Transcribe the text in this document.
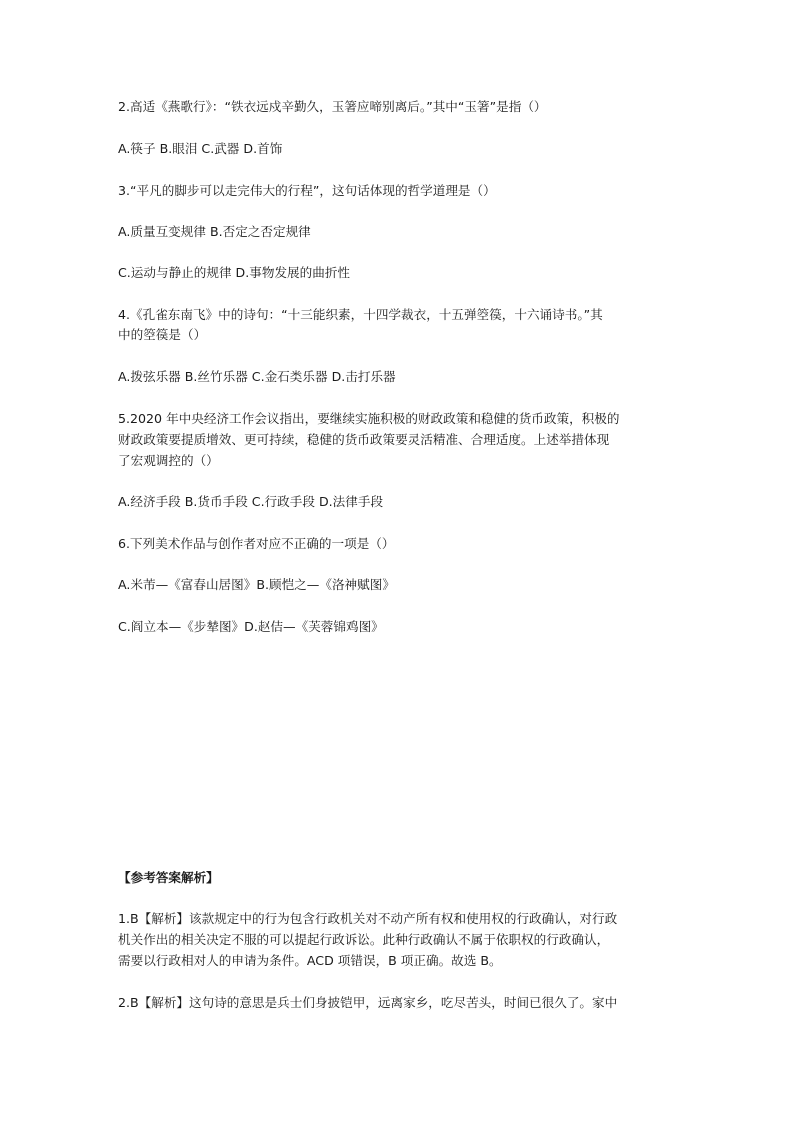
2.高适《燕歌行》：“铁衣远戍辛勤久，玉箸应啼别离后。”其中“玉箸”是指（）
A.筷子 B.眼泪 C.武器 D.首饰
3.“平凡的脚步可以走完伟大的行程”，这句话体现的哲学道理是（）
A.质量互变规律 B.否定之否定规律
C.运动与静止的规律 D.事物发展的曲折性
4.《孔雀东南飞》中的诗句：“十三能织素，十四学裁衣，十五弹箜篌，十六诵诗书。”其
中的箜篌是（）
A.拨弦乐器 B.丝竹乐器 C.金石类乐器 D.击打乐器
5.2020 年中央经济工作会议指出，要继续实施积极的财政政策和稳健的货币政策，积极的
财政政策要提质增效、更可持续，稳健的货币政策要灵活精准、合理适度。上述举措体现
了宏观调控的（）
A.经济手段 B.货币手段 C.行政手段 D.法律手段
6.下列美术作品与创作者对应不正确的一项是（）
A.米芾—《富春山居图》B.顾恺之—《洛神赋图》
C.阎立本—《步辇图》D.赵佶—《芙蓉锦鸡图》
【参考答案解析】
1.B【解析】该款规定中的行为包含行政机关对不动产所有权和使用权的行政确认，对行政
机关作出的相关决定不服的可以提起行政诉讼。此种行政确认不属于依职权的行政确认，
需要以行政相对人的申请为条件。ACD 项错误，B 项正确。故选 B。
2.B【解析】这句诗的意思是兵士们身披铠甲，远离家乡，吃尽苦头，时间已很久了。家中
